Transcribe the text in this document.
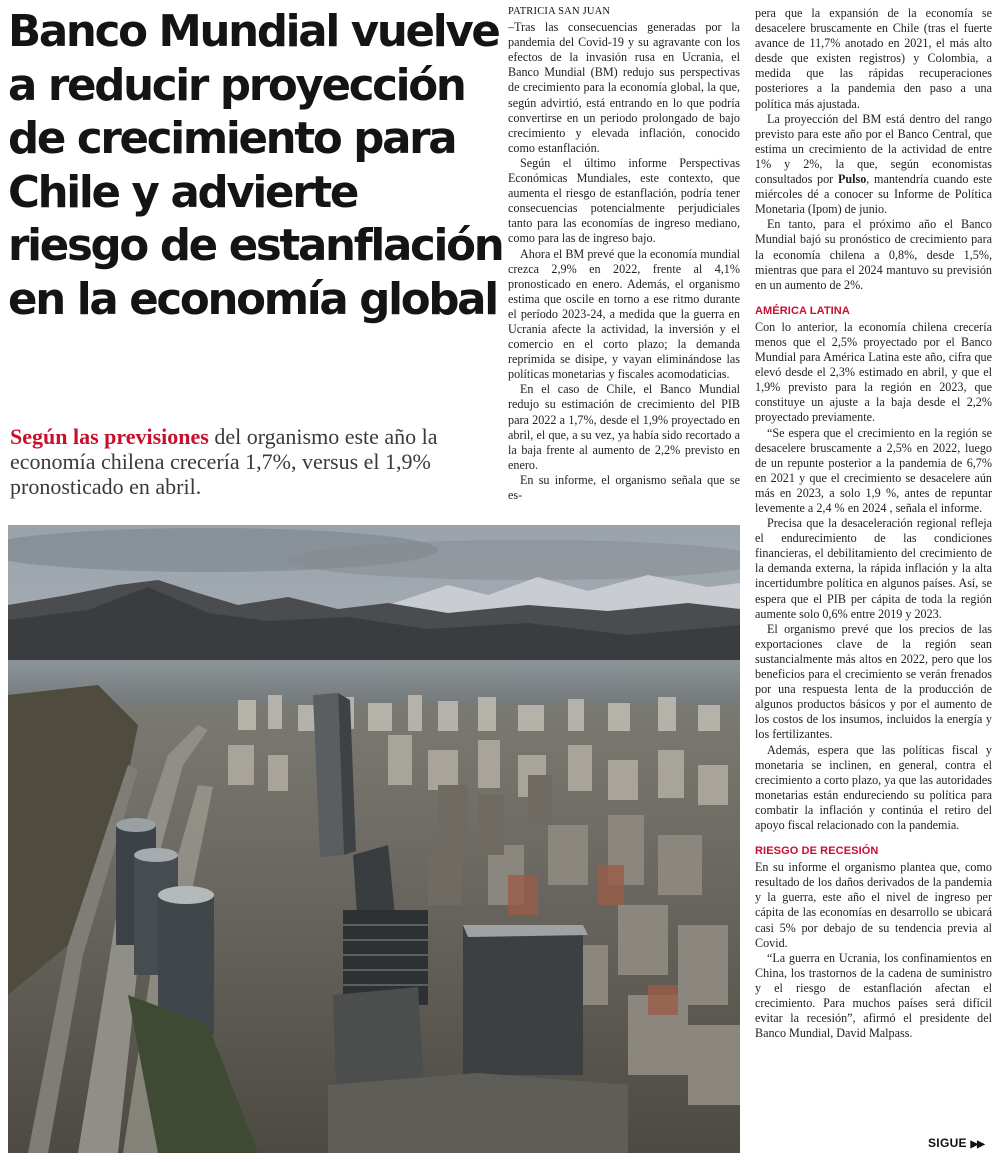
Banco Mundial vuelve
a reducir proyección
de crecimiento para
Chile y advierte
riesgo de estanflación
en la economía global

Según las previsiones del organismo este año la economía chilena crecería 1,7%, versus el 1,9% pronosticado en abril.

PATRICIA SAN JUAN

–Tras las consecuencias generadas por la pandemia del Covid-19 y su agravante con los efectos de la invasión rusa en Ucrania, el Banco Mundial (BM) redujo sus perspectivas de crecimiento para la economía global, la que, según advirtió, está entrando en lo que podría convertirse en un periodo prolongado de bajo crecimiento y elevada inflación, conocido como estanflación.

Según el último informe Perspectivas Económicas Mundiales, este contexto, que aumenta el riesgo de estanflación, podría tener consecuencias potencialmente perjudiciales tanto para las economías de ingreso mediano, como para las de ingreso bajo.

Ahora el BM prevé que la economía mundial crezca 2,9% en 2022, frente al 4,1% pronosticado en enero. Además, el organismo estima que oscile en torno a ese ritmo durante el período 2023-24, a medida que la guerra en Ucrania afecte la actividad, la inversión y el comercio en el corto plazo; la demanda reprimida se disipe, y vayan eliminándose las políticas monetarias y fiscales acomodaticias.

En el caso de Chile, el Banco Mundial redujo su estimación de crecimiento del PIB para 2022 a 1,7%, desde el 1,9% proyectado en abril, el que, a su vez, ya había sido recortado a la baja frente al aumento de 2,2% previsto en enero.

En su informe, el organismo señala que se es-

pera que la expansión de la economía se desacelere bruscamente en Chile (tras el fuerte avance de 11,7% anotado en 2021, el más alto desde que existen registros) y Colombia, a medida que las rápidas recuperaciones posteriores a la pandemia den paso a una política más ajustada.

La proyección del BM está dentro del rango previsto para este año por el Banco Central, que estima un crecimiento de la actividad de entre 1% y 2%, la que, según economistas consultados por Pulso, mantendría cuando este miércoles dé a conocer su Informe de Política Monetaria (Ipom) de junio.

En tanto, para el próximo año el Banco Mundial bajó su pronóstico de crecimiento para la economía chilena a 0,8%, desde 1,5%, mientras que para el 2024 mantuvo su previsión en un aumento de 2%.

AMÉRICA LATINA

Con lo anterior, la economía chilena crecería menos que el 2,5% proyectado por el Banco Mundial para América Latina este año, cifra que elevó desde el 2,3% estimado en abril, y que el 1,9% previsto para la región en 2023, que constituye un ajuste a la baja desde el 2,2% proyectado previamente.

“Se espera que el crecimiento en la región se desacelere bruscamente a 2,5% en 2022, luego de un repunte posterior a la pandemia de 6,7% en 2021 y que el crecimiento se desacelere aún más en 2023, a solo 1,9 %, antes de repuntar levemente a 2,4 % en 2024 , señala el informe.

Precisa que la desaceleración regional refleja el endurecimiento de las condiciones financieras, el debilitamiento del crecimiento de la demanda externa, la rápida inflación y la alta incertidumbre política en algunos países. Así, se espera que el PIB per cápita de toda la región aumente solo 0,6% entre 2019 y 2023.

El organismo prevé que los precios de las exportaciones clave de la región sean sustancialmente más altos en 2022, pero que los beneficios para el crecimiento se verán frenados por una respuesta lenta de la producción de algunos productos básicos y por el aumento de los costos de los insumos, incluidos la energía y los fertilizantes.

Además, espera que las políticas fiscal y monetaria se inclinen, en general, contra el crecimiento a corto plazo, ya que las autoridades monetarias están endureciendo su política para combatir la inflación y continúa el retiro del apoyo fiscal relacionado con la pandemia.

RIESGO DE RECESIÓN

En su informe el organismo plantea que, como resultado de los daños derivados de la pandemia y la guerra, este año el nivel de ingreso per cápita de las economías en desarrollo se ubicará casi 5% por debajo de su tendencia previa al Covid.

“La guerra en Ucrania, los confinamientos en China, los trastornos de la cadena de suministro y el riesgo de estanflación afectan el crecimiento. Para muchos países será difícil evitar la recesión”, afirmó el presidente del Banco Mundial, David Malpass.

SIGUE ▶▶
